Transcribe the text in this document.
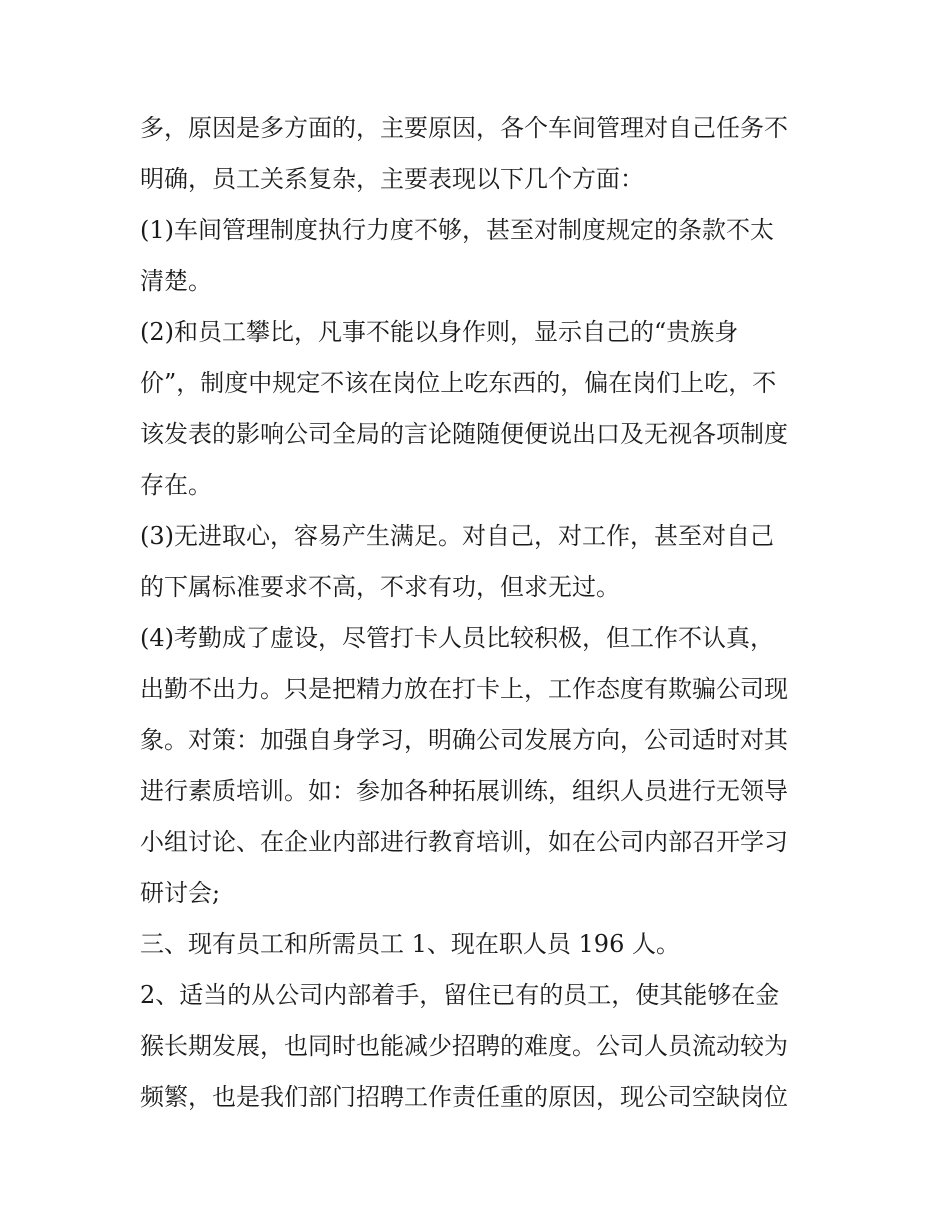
多，原因是多方面的，主要原因，各个车间管理对自己任务不
明确，员工关系复杂，主要表现以下几个方面：
(1)车间管理制度执行力度不够，甚至对制度规定的条款不太
清楚。
(2)和员工攀比，凡事不能以身作则，显示自己的“贵族身
价”，制度中规定不该在岗位上吃东西的，偏在岗们上吃，不
该发表的影响公司全局的言论随随便便说出口及无视各项制度
存在。
(3)无进取心，容易产生满足。对自己，对工作，甚至对自己
的下属标准要求不高，不求有功，但求无过。
(4)考勤成了虚设，尽管打卡人员比较积极，但工作不认真，
出勤不出力。只是把精力放在打卡上，工作态度有欺骗公司现
象。对策：加强自身学习，明确公司发展方向，公司适时对其
进行素质培训。如：参加各种拓展训练，组织人员进行无领导
小组讨论、在企业内部进行教育培训，如在公司内部召开学习
研讨会;
三、现有员工和所需员工 1、现在职人员 196 人。
2、适当的从公司内部着手，留住已有的员工，使其能够在金
猴长期发展，也同时也能减少招聘的难度。公司人员流动较为
频繁，也是我们部门招聘工作责任重的原因，现公司空缺岗位
